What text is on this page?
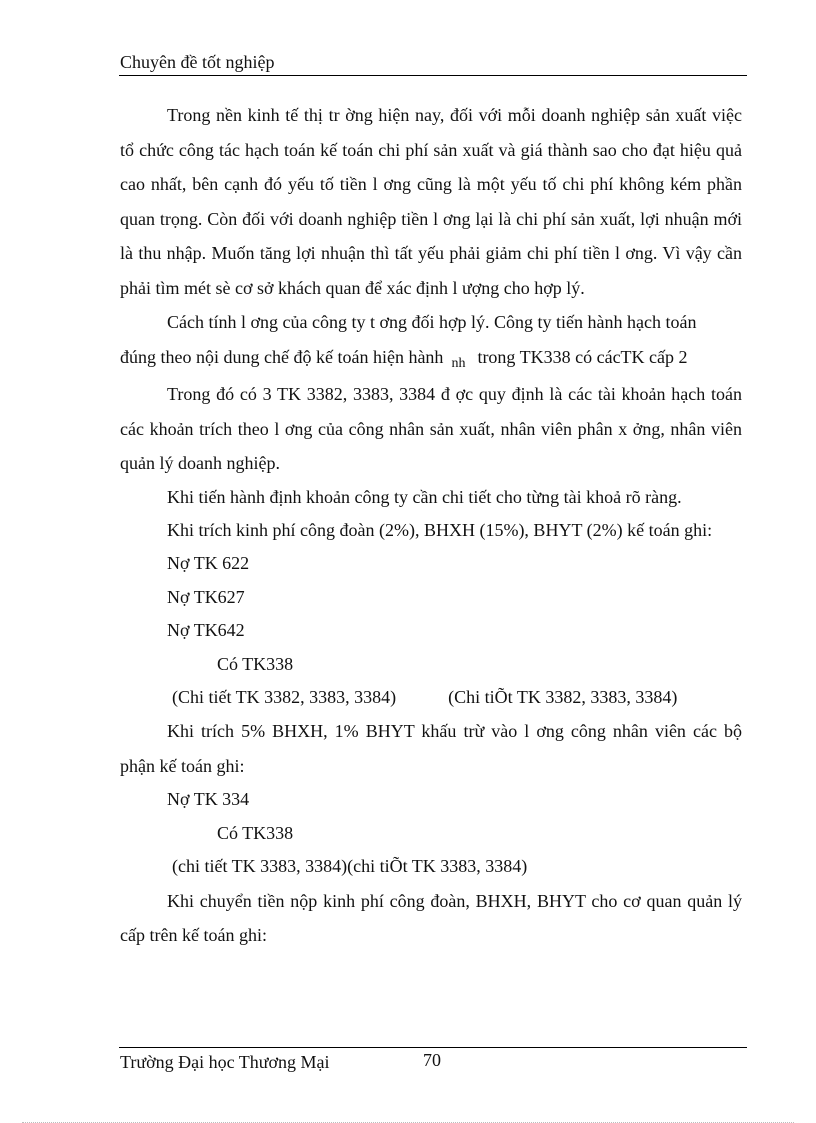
Chuyên đề tốt nghiệp

Trong nền kinh tế thị tr ờng hiện nay, đối với mỗi doanh nghiệp sản xuất việc tổ chức công tác hạch toán kế toán chi phí sản xuất và giá thành sao cho đạt hiệu quả cao nhất, bên cạnh đó yếu tố tiền l ơng cũng là một yếu tố chi phí không kém phần quan trọng. Còn đối với doanh nghiệp tiền l ơng lại là chi phí sản xuất, lợi nhuận mới là thu nhập. Muốn tăng lợi nhuận thì tất yếu phải giảm chi phí tiền l ơng. Vì vậy cần phải tìm mét sè cơ sở khách quan để xác định l ượng cho hợp lý.

Cách tính l ơng của công ty t ơng đối hợp lý. Công ty tiến hành hạch toán
đúng theo nội dung chế độ kế toán hiện hành $_{nh}$ trong TK338 có cácTK cấp 2

Trong đó có 3 TK 3382, 3383, 3384 đ ợc quy định là các tài khoản hạch toán các khoản trích theo l ơng của công nhân sản xuất, nhân viên phân x ởng, nhân viên quản lý doanh nghiệp.

Khi tiến hành định khoản công ty cần chi tiết cho từng tài khoả rõ ràng.

Khi trích kinh phí công đoàn (2%), BHXH (15%), BHYT (2%) kế toán ghi:

Nợ TK 622

Nợ TK627

Nợ TK642

Có TK338

(Chi tiết TK 3382, 3383, 3384)	(Chi tiÕt TK 3382, 3383, 3384)

Khi trích 5% BHXH, 1% BHYT khấu trừ vào l ơng công nhân viên các bộ phận kế toán ghi:

Nợ TK 334

Có TK338

(chi tiết TK 3383, 3384)(chi tiÕt TK 3383, 3384)

Khi chuyển tiền nộp kinh phí công đoàn, BHXH, BHYT cho cơ quan quản lý cấp trên kế toán ghi:

Trường Đại học Thương Mại	70
